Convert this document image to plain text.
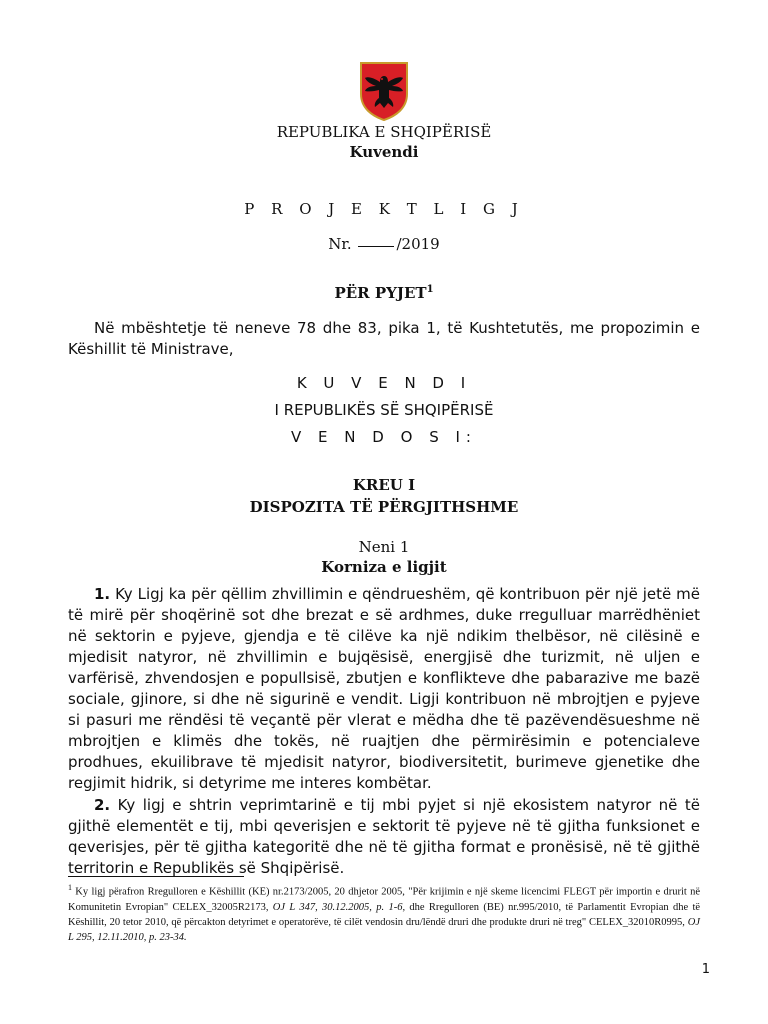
REPUBLIKA E SHQIPËRISË
Kuvendi
P R O J E K T L I G J
Nr.	/2019
PËR PYJET$^1$
Në mbështetje të neneve 78 dhe 83, pika 1, të Kushtetutës, me propozimin e Këshillit të Ministrave,
K U V E N D I
I REPUBLIKËS SË SHQIPËRISË
V E N D O S I:
KREU I
DISPOZITA TË PËRGJITHSHME
Neni 1
Korniza e ligjit
1. Ky Ligj ka për qëllim zhvillimin e qëndrueshëm, që kontribuon për një jetë më të mirë për shoqërinë sot dhe brezat e së ardhmes, duke rregulluar marrëdhëniet në sektorin e pyjeve, gjendja e të cilëve ka një ndikim thelbësor, në cilësinë e mjedisit natyror, në zhvillimin e bujqësisë, energjisë dhe turizmit, në uljen e varfërisë, zhvendosjen e popullsisë, zbutjen e konflikteve dhe pabarazive me bazë sociale, gjinore, si dhe në sigurinë e vendit. Ligji kontribuon në mbrojtjen e pyjeve si pasuri me rëndësi të veçantë për vlerat e mëdha dhe të pazëvendësueshme në mbrojtjen e klimës dhe tokës, në ruajtjen dhe përmirësimin e potencialeve prodhues, ekuilibrave të mjedisit natyror, biodiversitetit, burimeve gjenetike dhe regjimit hidrik, si detyrime me interes kombëtar.
2. Ky ligj e shtrin veprimtarinë e tij mbi pyjet si një ekosistem natyror në të gjithë elementët e tij, mbi qeverisjen e sektorit të pyjeve në të gjitha funksionet e qeverisjes, për të gjitha kategoritë dhe në të gjitha format e pronësisë, në të gjithë territorin e Republikës së Shqipërisë.
$^1$ Ky ligj përafron Rregulloren e Këshillit (KE) nr.2173/2005, 20 dhjetor 2005, "Për krijimin e një skeme licencimi FLEGT për importin e drurit në Komunitetin Evropian" CELEX_32005R2173, OJ L 347, 30.12.2005, p. 1-6, dhe Rregulloren (BE) nr.995/2010, të Parlamentit Evropian dhe të Këshillit, 20 tetor 2010, që përcakton detyrimet e operatorëve, të cilët vendosin dru/lëndë druri dhe produkte druri në treg" CELEX_32010R0995, OJ L 295, 12.11.2010, p. 23-34.
1
